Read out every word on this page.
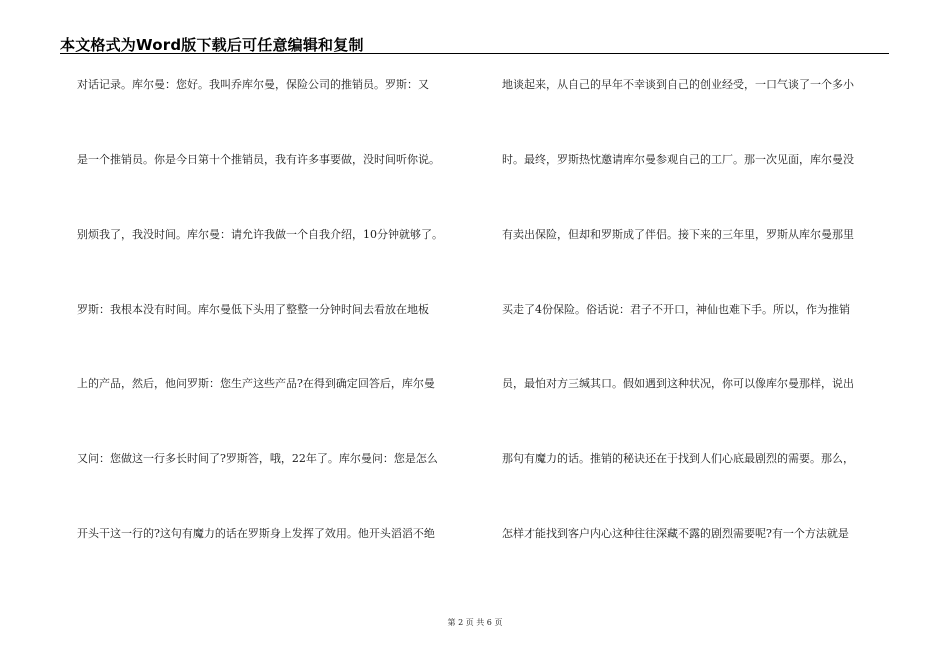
本文格式为Word版下载后可任意编辑和复制
对话记录。库尔曼：您好。我叫乔库尔曼，保险公司的推销员。罗斯：又
是一个推销员。你是今日第十个推销员，我有许多事要做，没时间听你说。
别烦我了，我没时间。库尔曼：请允许我做一个自我介绍，10分钟就够了。
罗斯：我根本没有时间。库尔曼低下头用了整整一分钟时间去看放在地板
上的产品，然后，他问罗斯：您生产这些产品?在得到确定回答后，库尔曼
又问：您做这一行多长时间了?罗斯答，哦，22年了。库尔曼问：您是怎么
开头干这一行的?这句有魔力的话在罗斯身上发挥了效用。他开头滔滔不绝
地谈起来，从自己的早年不幸谈到自己的创业经受，一口气谈了一个多小
时。最终，罗斯热忱邀请库尔曼参观自己的工厂。那一次见面，库尔曼没
有卖出保险，但却和罗斯成了伴侣。接下来的三年里，罗斯从库尔曼那里
买走了4份保险。俗话说：君子不开口，神仙也难下手。所以，作为推销
员，最怕对方三缄其口。假如遇到这种状况，你可以像库尔曼那样，说出
那句有魔力的话。推销的秘诀还在于找到人们心底最剧烈的需要。那么，
怎样才能找到客户内心这种往往深藏不露的剧烈需要呢?有一个方法就是
第 2 页 共 6 页
